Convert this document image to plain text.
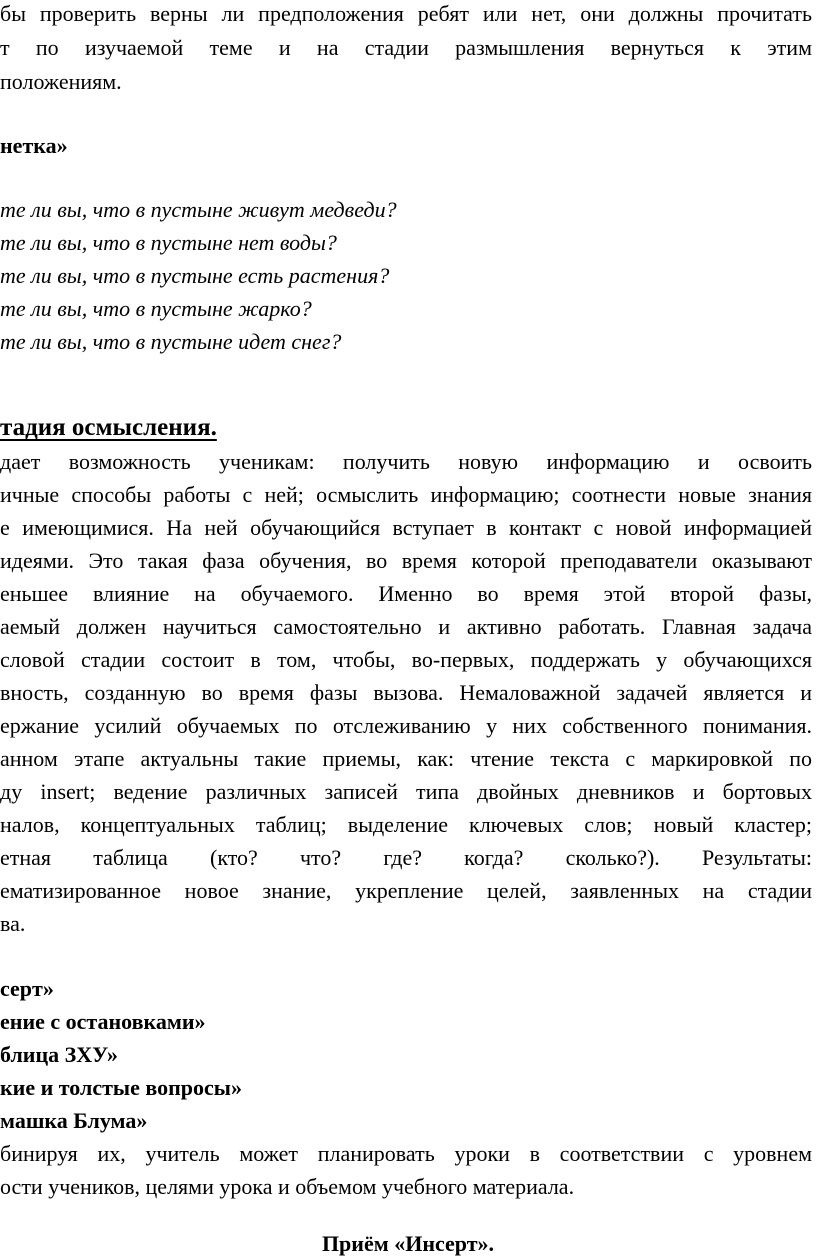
бы проверить верны ли предположения ребят или нет, они должны прочитать
т по изучаемой теме и на стадии размышления вернуться к этим
положениям.
нетка»
те ли вы, что в пустыне живут медведи?
те ли вы, что в пустыне нет воды?
те ли вы, что в пустыне есть растения?
те ли вы, что в пустыне жарко?
те ли вы, что в пустыне идет снег?
тадия осмысления.
дает возможность ученикам: получить новую информацию и освоить
ичные способы работы с ней; осмыслить информацию; соотнести новые знания
е имеющимися. На ней обучающийся вступает в контакт с новой информацией
идеями. Это такая фаза обучения, во время которой преподаватели оказывают
еньшее влияние на обучаемого. Именно во время этой второй фазы,
аемый должен научиться самостоятельно и активно работать. Главная задача
словой стадии состоит в том, чтобы, во-первых, поддержать у обучающихся
вность, созданную во время фазы вызова. Немаловажной задачей является и
ержание усилий обучаемых по отслеживанию у них собственного понимания.
анном этапе актуальны такие приемы, как: чтение текста с маркировкой по
ду insert; ведение различных записей типа двойных дневников и бортовых
налов, концептуальных таблиц; выделение ключевых слов; новый кластер;
етная таблица (кто? что? где? когда? сколько?). Результаты:
ематизированное новое знание, укрепление целей, заявленных на стадии
ва.
сеpт»
ение с остановками»
блица ЗХУ»
кие и толстые вопросы»
машка Блума»
бинируя их, учитель может планировать уроки в соответствии с уровнем
ости учеников, целями урока и объемом учебного материала.
Приём «Инсерт».
